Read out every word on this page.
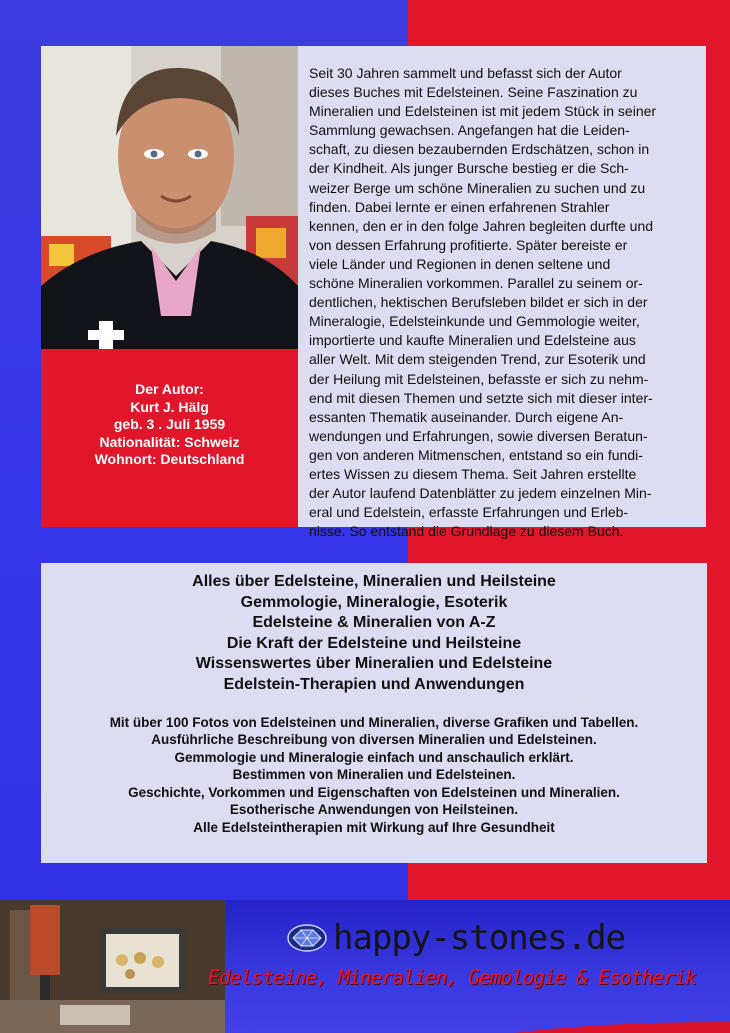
Der Autor:
Kurt J. Hälg
geb. 3 . Juli 1959
Nationalität: Schweiz
Wohnort: Deutschland
Seit 30 Jahren sammelt und befasst sich der Autor
dieses Buches mit Edelsteinen. Seine Faszination zu
Mineralien und Edelsteinen ist mit jedem Stück in seiner
Sammlung gewachsen. Angefangen hat die Leiden-
schaft, zu diesen bezaubernden Erdschätzen, schon in
der Kindheit. Als junger Bursche bestieg er die Sch-
weizer Berge um schöne Mineralien zu suchen und zu
finden. Dabei lernte er einen erfahrenen Strahler
kennen, den er in den folge Jahren begleiten durfte und
von dessen Erfahrung profitierte. Später bereiste er
viele Länder und Regionen in denen seltene und
schöne Mineralien vorkommen. Parallel zu seinem or-
dentlichen, hektischen Berufsleben bildet er sich in der
Mineralogie, Edelsteinkunde und Gemmologie weiter,
importierte und kaufte Mineralien und Edelsteine aus
aller Welt. Mit dem steigenden Trend, zur Esoterik und
der Heilung mit Edelsteinen, befasste er sich zu nehm-
end mit diesen Themen und setzte sich mit dieser inter-
essanten Thematik auseinander. Durch eigene An-
wendungen und Erfahrungen, sowie diversen Beratun-
gen von anderen Mitmenschen, entstand so ein fundi-
ertes Wissen zu diesem Thema. Seit Jahren erstellte
der Autor laufend Datenblätter zu jedem einzelnen Min-
eral und Edelstein, erfasste Erfahrungen und Erleb-
nisse. So entstand die Grundlage zu diesem Buch.
Alles über Edelsteine, Mineralien und Heilsteine
Gemmologie, Mineralogie, Esoterik
Edelsteine & Mineralien von A-Z
Die Kraft der Edelsteine und Heilsteine
Wissenswertes über Mineralien und Edelsteine
Edelstein-Therapien und Anwendungen
Mit über 100 Fotos von Edelsteinen und Mineralien, diverse Grafiken und Tabellen.
Ausführliche Beschreibung von diversen Mineralien und Edelsteinen.
Gemmologie und Mineralogie einfach und anschaulich erklärt.
Bestimmen von Mineralien und Edelsteinen.
Geschichte, Vorkommen und Eigenschaften von Edelsteinen und Mineralien.
Esotherische Anwendungen von Heilsteinen.
Alle Edelsteintherapien mit Wirkung auf Ihre Gesundheit
happy-stones.de
Edelsteine, Mineralien, Gemologie & Esotherik
